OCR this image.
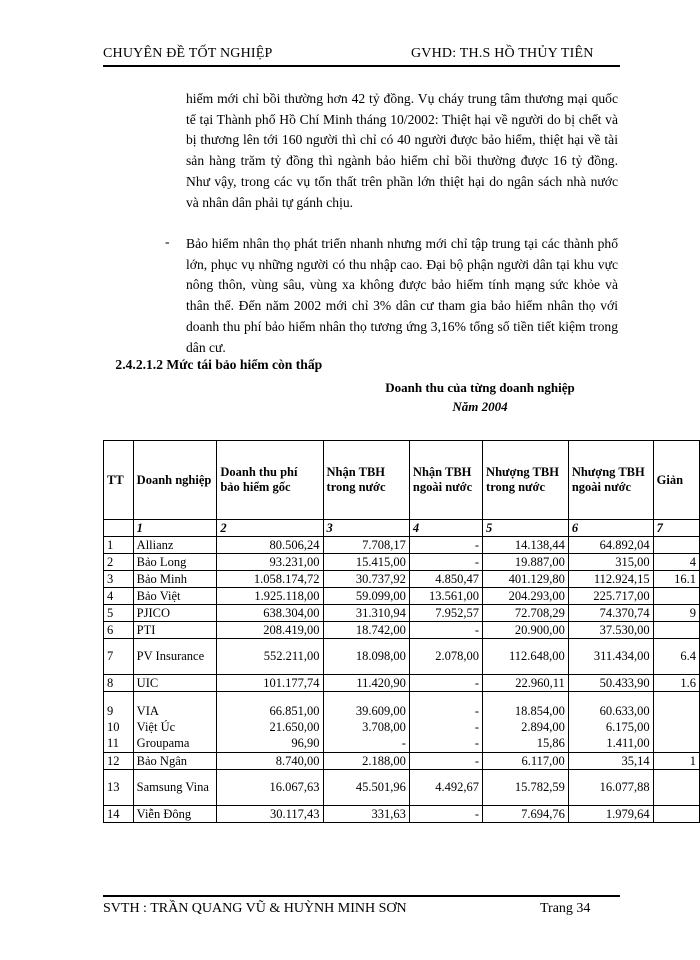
CHUYÊN ĐỀ TỐT NGHIỆP	GVHD: TH.S HỒ THỦY TIÊN

hiểm mới chỉ bồi thường hơn 42 tỷ đồng. Vụ cháy trung tâm thương mại quốc tế tại Thành phố Hồ Chí Minh tháng 10/2002: Thiệt hại về người do bị chết và bị thương lên tới 160 người thì chỉ có 40 người được bảo hiểm, thiệt hại về tài sản hàng trăm tỷ đồng thì ngành bảo hiểm chỉ bồi thường được 16 tỷ đồng. Như vậy, trong các vụ tổn thất trên phần lớn thiệt hại do ngân sách nhà nước và nhân dân phải tự gánh chịu.

- Bảo hiểm nhân thọ phát triển nhanh nhưng mới chỉ tập trung tại các thành phố lớn, phục vụ những người có thu nhập cao. Đại bộ phận người dân tại khu vực nông thôn, vùng sâu, vùng xa không được bảo hiểm tính mạng sức khỏe và thân thể. Đến năm 2002 mới chỉ 3% dân cư tham gia bảo hiểm nhân thọ với doanh thu phí bảo hiểm nhân thọ tương ứng 3,16% tổng số tiền tiết kiệm trong dân cư.

2.4.2.1.2 Mức tái bảo hiểm còn thấp
Doanh thu của từng doanh nghiệp
Năm 2004
TT	Doanh nghiệp	Doanh thu phí bảo hiểm gốc	Nhận TBH trong nước	Nhận TBH ngoài nước	Nhượng TBH trong nước	Nhượng TBH ngoài nước	Giản
	1	2	3	4	5	6	7
1	Allianz	80.506,24	7.708,17	-	14.138,44	64.892,04	
2	Bảo Long	93.231,00	15.415,00	-	19.887,00	315,00	4
3	Bảo Minh	1.058.174,72	30.737,92	4.850,47	401.129,80	112.924,15	16.1
4	Bảo Việt	1.925.118,00	59.099,00	13.561,00	204.293,00	225.717,00	
5	PJICO	638.304,00	31.310,94	7.952,57	72.708,29	74.370,74	9
6	PTI	208.419,00	18.742,00	-	20.900,00	37.530,00	
7	PV Insurance	552.211,00	18.098,00	2.078,00	112.648,00	311.434,00	6.4
8	UIC	101.177,74	11.420,90	-	22.960,11	50.433,90	1.6
9	VIA	66.851,00	39.609,00	-	18.854,00	60.633,00	
10	Việt Úc	21.650,00	3.708,00	-	2.894,00	6.175,00	
11	Groupama	96,90	-	-	15,86	1.411,00	
12	Bảo Ngân	8.740,00	2.188,00	-	6.117,00	35,14	1
13	Samsung Vina	16.067,63	45.501,96	4.492,67	15.782,59	16.077,88	
14	Viễn Đông	30.117,43	331,63	-	7.694,76	1.979,64	
SVTH : TRẦN QUANG VŨ & HUỲNH MINH SƠN	Trang 34
